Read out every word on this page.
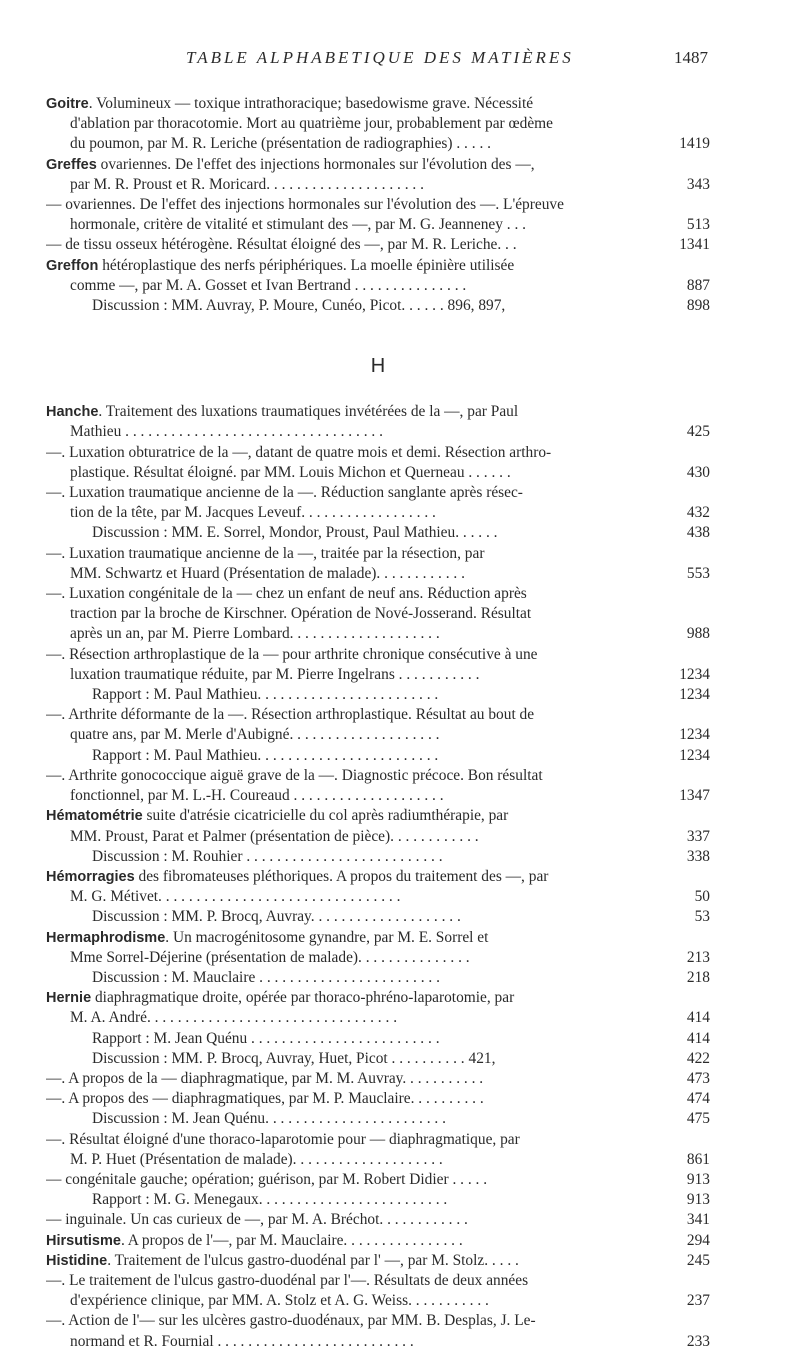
TABLE ALPHABETIQUE DES MATIÈRES	1487
Goitre. Volumineux — toxique intrathoracique; basedowisme grave. Nécessité
d'ablation par thoracotomie. Mort au quatrième jour, probablement par œdème
du poumon, par M. R. Leriche (présentation de radiographies) . . . . .	1419
Greffes ovariennes. De l'effet des injections hormonales sur l'évolution des —,
par M. R. Proust et R. Moricard. . . . . . . . . . . . . . . . . . . . .	343
— ovariennes. De l'effet des injections hormonales sur l'évolution des —. L'épreuve
hormonale, critère de vitalité et stimulant des —, par M. G. Jeanneney . . .	513
— de tissu osseux hétérogène. Résultat éloigné des —, par M. R. Leriche. . .	1341
Greffon hétéroplastique des nerfs périphériques. La moelle épinière utilisée
comme —, par M. A. Gosset et Ivan Bertrand . . . . . . . . . . . . . . .	887
Discussion : MM. Auvray, P. Moure, Cunéo, Picot. . . . . . 896, 897,	898
H
Hanche. Traitement des luxations traumatiques invétérées de la —, par Paul
Mathieu . . . . . . . . . . . . . . . . . . . . . . . . . . . . . . . . . .	425
—. Luxation obturatrice de la —, datant de quatre mois et demi. Résection arthro-
plastique. Résultat éloigné. par MM. Louis Michon et Querneau . . . . . .	430
—. Luxation traumatique ancienne de la —. Réduction sanglante après résec-
tion de la tête, par M. Jacques Leveuf. . . . . . . . . . . . . . . . . .	432
Discussion : MM. E. Sorrel, Mondor, Proust, Paul Mathieu. . . . . .	438
—. Luxation traumatique ancienne de la —, traitée par la résection, par
MM. Schwartz et Huard (Présentation de malade). . . . . . . . . . . .	553
—. Luxation congénitale de la — chez un enfant de neuf ans. Réduction après
traction par la broche de Kirschner. Opération de Nové-Josserand. Résultat
après un an, par M. Pierre Lombard. . . . . . . . . . . . . . . . . . . .	988
—. Résection arthroplastique de la — pour arthrite chronique consécutive à une
luxation traumatique réduite, par M. Pierre Ingelrans . . . . . . . . . . .	1234
Rapport : M. Paul Mathieu. . . . . . . . . . . . . . . . . . . . . . . .	1234
—. Arthrite déformante de la —. Résection arthroplastique. Résultat au bout de
quatre ans, par M. Merle d'Aubigné. . . . . . . . . . . . . . . . . . . .	1234
Rapport : M. Paul Mathieu. . . . . . . . . . . . . . . . . . . . . . . .	1234
—. Arthrite gonococcique aiguë grave de la —. Diagnostic précoce. Bon résultat
fonctionnel, par M. L.-H. Coureaud . . . . . . . . . . . . . . . . . . . .	1347
Hématométrie suite d'atrésie cicatricielle du col après radiumthérapie, par
MM. Proust, Parat et Palmer (présentation de pièce). . . . . . . . . . . .	337
Discussion : M. Rouhier . . . . . . . . . . . . . . . . . . . . . . . . . .	338
Hémorragies des fibromateuses pléthoriques. A propos du traitement des —, par
M. G. Métivet. . . . . . . . . . . . . . . . . . . . . . . . . . . . . . . .	50
Discussion : MM. P. Brocq, Auvray. . . . . . . . . . . . . . . . . . . .	53
Hermaphrodisme. Un macrogénitosome gynandre, par M. E. Sorrel et
Mme Sorrel-Déjerine (présentation de malade). . . . . . . . . . . . . . .	213
Discussion : M. Mauclaire . . . . . . . . . . . . . . . . . . . . . . . .	218
Hernie diaphragmatique droite, opérée par thoraco-phréno-laparotomie, par
M. A. André. . . . . . . . . . . . . . . . . . . . . . . . . . . . . . . . .	414
Rapport : M. Jean Quénu . . . . . . . . . . . . . . . . . . . . . . . . .	414
Discussion : MM. P. Brocq, Auvray, Huet, Picot . . . . . . . . . . 421,	422
—. A propos de la — diaphragmatique, par M. M. Auvray. . . . . . . . . . .	473
—. A propos des — diaphragmatiques, par M. P. Mauclaire. . . . . . . . . .	474
Discussion : M. Jean Quénu. . . . . . . . . . . . . . . . . . . . . . . .	475
—. Résultat éloigné d'une thoraco-laparotomie pour — diaphragmatique, par
M. P. Huet (Présentation de malade). . . . . . . . . . . . . . . . . . . .	861
— congénitale gauche; opération; guérison, par M. Robert Didier . . . . .	913
Rapport : M. G. Menegaux. . . . . . . . . . . . . . . . . . . . . . . . .	913
— inguinale. Un cas curieux de —, par M. A. Bréchot. . . . . . . . . . . .	341
Hirsutisme. A propos de l'—, par M. Mauclaire. . . . . . . . . . . . . . . .	294
Histidine. Traitement de l'ulcus gastro-duodénal par l' —, par M. Stolz. . . . .	245
—. Le traitement de l'ulcus gastro-duodénal par l'—. Résultats de deux années
d'expérience clinique, par MM. A. Stolz et A. G. Weiss. . . . . . . . . . .	237
—. Action de l'— sur les ulcères gastro-duodénaux, par MM. B. Desplas, J. Le-
normand et R. Fournial . . . . . . . . . . . . . . . . . . . . . . . . . .	233
